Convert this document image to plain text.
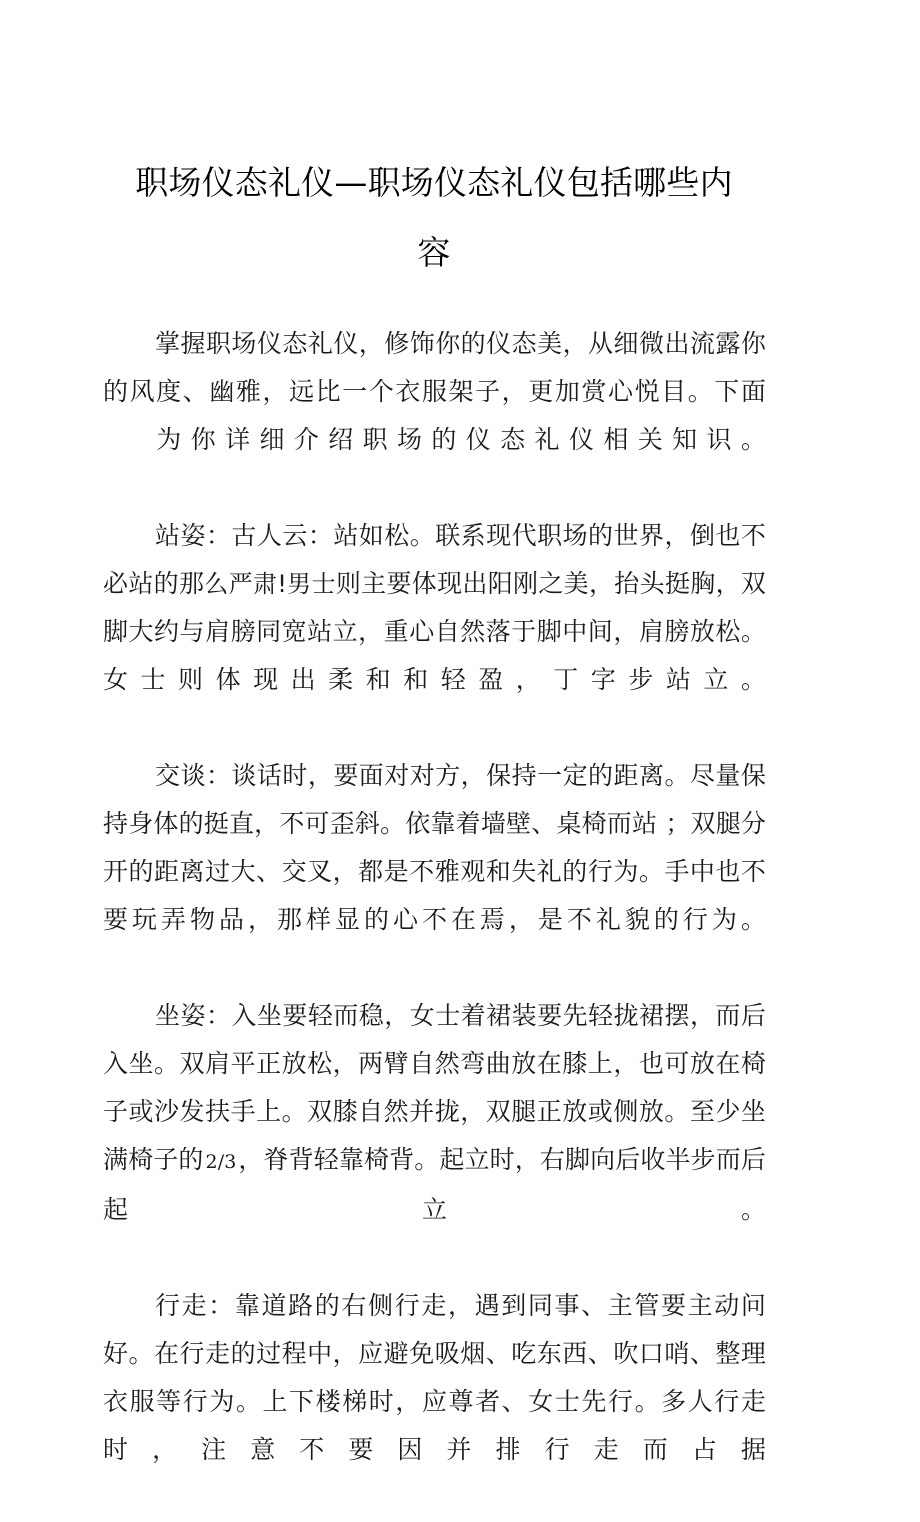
职场仪态礼仪—职场仪态礼仪包括哪些内
容

掌握职场仪态礼仪，修饰你的仪态美，从细微出流露你的风度、幽雅，远比一个衣服架子，更加赏心悦目。下面为你详细介绍职场的仪态礼仪相关知识。

站姿：古人云：站如松。联系现代职场的世界，倒也不必站的那么严肃!男士则主要体现出阳刚之美，抬头挺胸，双脚大约与肩膀同宽站立，重心自然落于脚中间，肩膀放松。女士则体现出柔和和轻盈，丁字步站立。

交谈：谈话时，要面对对方，保持一定的距离。尽量保持身体的挺直，不可歪斜。依靠着墙壁、桌椅而站 ；双腿分开的距离过大、交叉，都是不雅观和失礼的行为。手中也不要玩弄物品，那样显的心不在焉，是不礼貌的行为。

坐姿：入坐要轻而稳，女士着裙装要先轻拢裙摆，而后入坐。双肩平正放松，两臂自然弯曲放在膝上，也可放在椅子或沙发扶手上。双膝自然并拢，双腿正放或侧放。至少坐满椅子的 2/3，脊背轻靠椅背。起立时，右脚向后收半步而后起立。

行走：靠道路的右侧行走，遇到同事、主管要主动问好。在行走的过程中，应避免吸烟、吃东西、吹口哨、整理衣服等行为。上下楼梯时，应尊者、女士先行。多人行走时，注意不要因并排行走而占据
